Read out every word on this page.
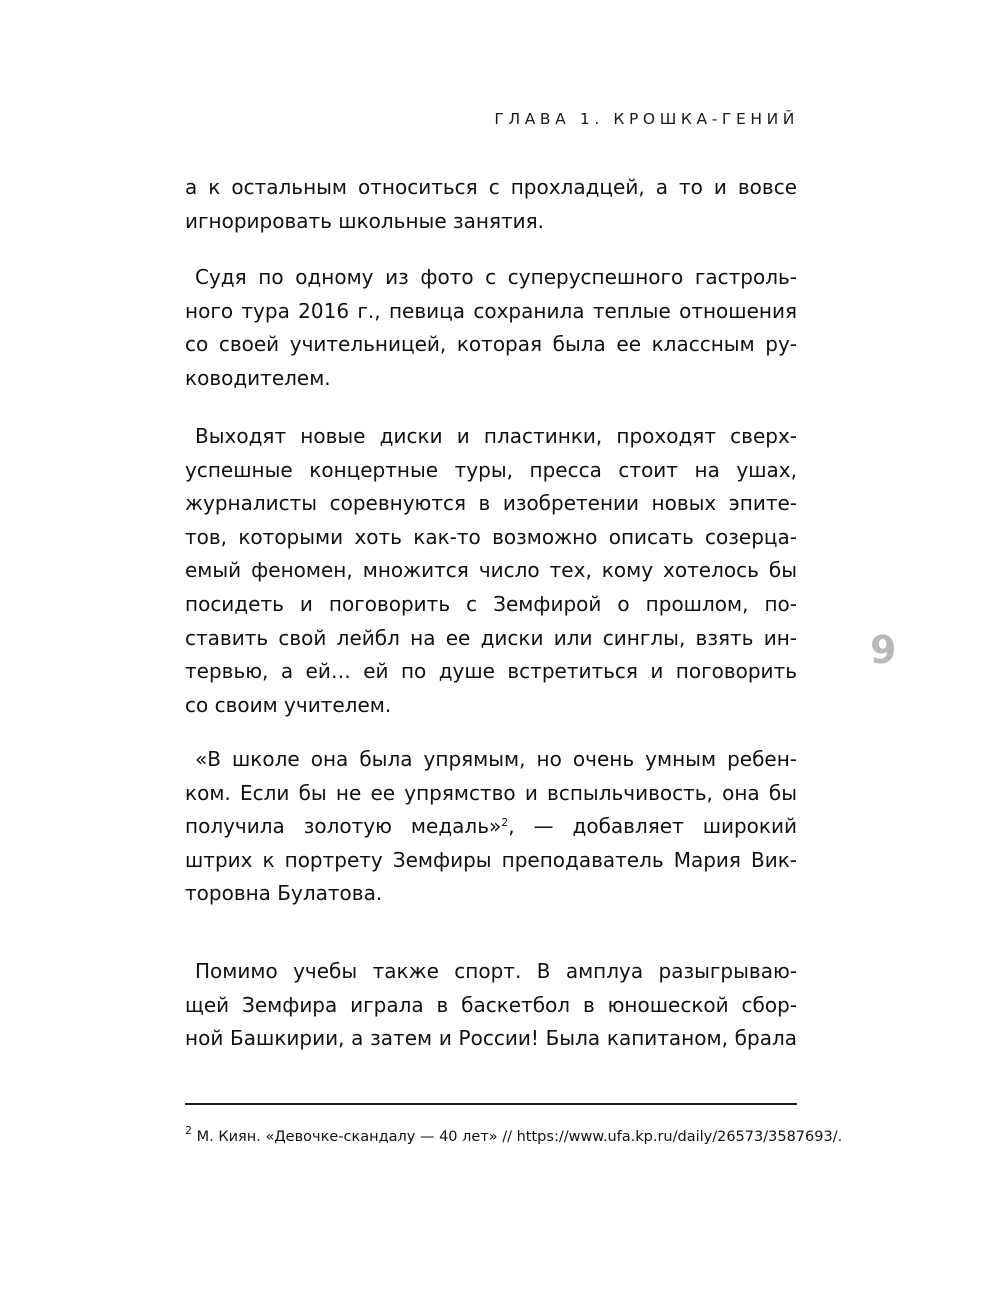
ГЛАВА 1. КРОШКА-ГЕНИЙ
а к остальным относиться с прохладцей, а то и вовсе
игнорировать школьные занятия.
Судя по одному из фото с суперуспешного гастроль-
ного тура 2016 г., певица сохранила теплые отношения
со своей учительницей, которая была ее классным ру-
ководителем.
Выходят новые диски и пластинки, проходят сверх-
успешные концертные туры, пресса стоит на ушах,
журналисты соревнуются в изобретении новых эпите-
тов, которыми хоть как-то возможно описать созерца-
емый феномен, множится число тех, кому хотелось бы
посидеть и поговорить с Земфирой о прошлом, по-
ставить свой лейбл на ее диски или синглы, взять ин-
тервью, а ей… ей по душе встретиться и поговорить
со своим учителем.
9
«В школе она была упрямым, но очень умным ребен-
ком. Если бы не ее упрямство и вспыльчивость, она бы
получила золотую медаль»$^2$, — добавляет широкий
штрих к портрету Земфиры преподаватель Мария Вик-
торовна Булатова.
Помимо учебы также спорт. В амплуа разыгрываю-
щей Земфира играла в баскетбол в юношеской сбор-
ной Башкирии, а затем и России! Была капитаном, брала
$^2$ М. Киян. «Девочке-скандалу — 40 лет» // https://www.ufa.kp.ru/daily/26573/3587693/.
